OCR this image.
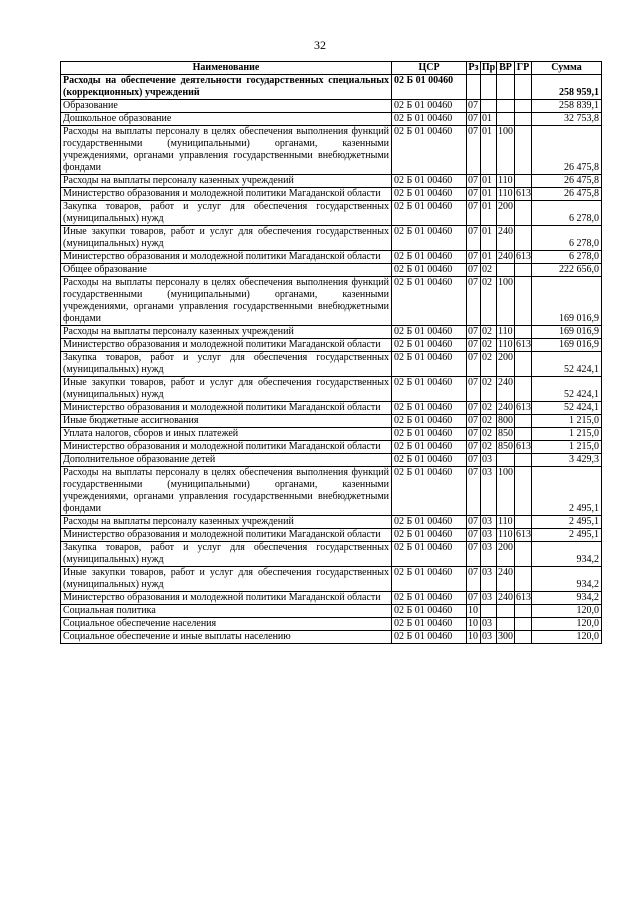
32
Наименование	ЦСР	Рз	Пр	ВР	ГР	Сумма
Расходы на обеспечение деятельности государственных специальных (коррекционных) учреждений	02 Б 01 00460					258 959,1
Образование	02 Б 01 00460	07				258 839,1
Дошкольное образование	02 Б 01 00460	07	01			32 753,8
Расходы на выплаты персоналу в целях обеспечения выполнения функций государственными (муниципальными) органами, казенными учреждениями, органами управления государственными внебюджетными фондами	02 Б 01 00460	07	01	100		26 475,8
Расходы на выплаты персоналу казенных учреждений	02 Б 01 00460	07	01	110		26 475,8
Министерство образования и молодежной политики Магаданской области	02 Б 01 00460	07	01	110	613	26 475,8
Закупка товаров, работ и услуг для обеспечения государственных (муниципальных) нужд	02 Б 01 00460	07	01	200		6 278,0
Иные закупки товаров, работ и услуг для обеспечения государственных (муниципальных) нужд	02 Б 01 00460	07	01	240		6 278,0
Министерство образования и молодежной политики Магаданской области	02 Б 01 00460	07	01	240	613	6 278,0
Общее образование	02 Б 01 00460	07	02			222 656,0
Расходы на выплаты персоналу в целях обеспечения выполнения функций государственными (муниципальными) органами, казенными учреждениями, органами управления государственными внебюджетными фондами	02 Б 01 00460	07	02	100		169 016,9
Расходы на выплаты персоналу казенных учреждений	02 Б 01 00460	07	02	110		169 016,9
Министерство образования и молодежной политики Магаданской области	02 Б 01 00460	07	02	110	613	169 016,9
Закупка товаров, работ и услуг для обеспечения государственных (муниципальных) нужд	02 Б 01 00460	07	02	200		52 424,1
Иные закупки товаров, работ и услуг для обеспечения государственных (муниципальных) нужд	02 Б 01 00460	07	02	240		52 424,1
Министерство образования и молодежной политики Магаданской области	02 Б 01 00460	07	02	240	613	52 424,1
Иные бюджетные ассигнования	02 Б 01 00460	07	02	800		1 215,0
Уплата налогов, сборов и иных платежей	02 Б 01 00460	07	02	850		1 215,0
Министерство образования и молодежной политики Магаданской области	02 Б 01 00460	07	02	850	613	1 215,0
Дополнительное образование детей	02 Б 01 00460	07	03			3 429,3
Расходы на выплаты персоналу в целях обеспечения выполнения функций государственными (муниципальными) органами, казенными учреждениями, органами управления государственными внебюджетными фондами	02 Б 01 00460	07	03	100		2 495,1
Расходы на выплаты персоналу казенных учреждений	02 Б 01 00460	07	03	110		2 495,1
Министерство образования и молодежной политики Магаданской области	02 Б 01 00460	07	03	110	613	2 495,1
Закупка товаров, работ и услуг для обеспечения государственных (муниципальных) нужд	02 Б 01 00460	07	03	200		934,2
Иные закупки товаров, работ и услуг для обеспечения государственных (муниципальных) нужд	02 Б 01 00460	07	03	240		934,2
Министерство образования и молодежной политики Магаданской области	02 Б 01 00460	07	03	240	613	934,2
Социальная политика	02 Б 01 00460	10				120,0
Социальное обеспечение населения	02 Б 01 00460	10	03			120,0
Социальное обеспечение и иные выплаты населению	02 Б 01 00460	10	03	300		120,0
